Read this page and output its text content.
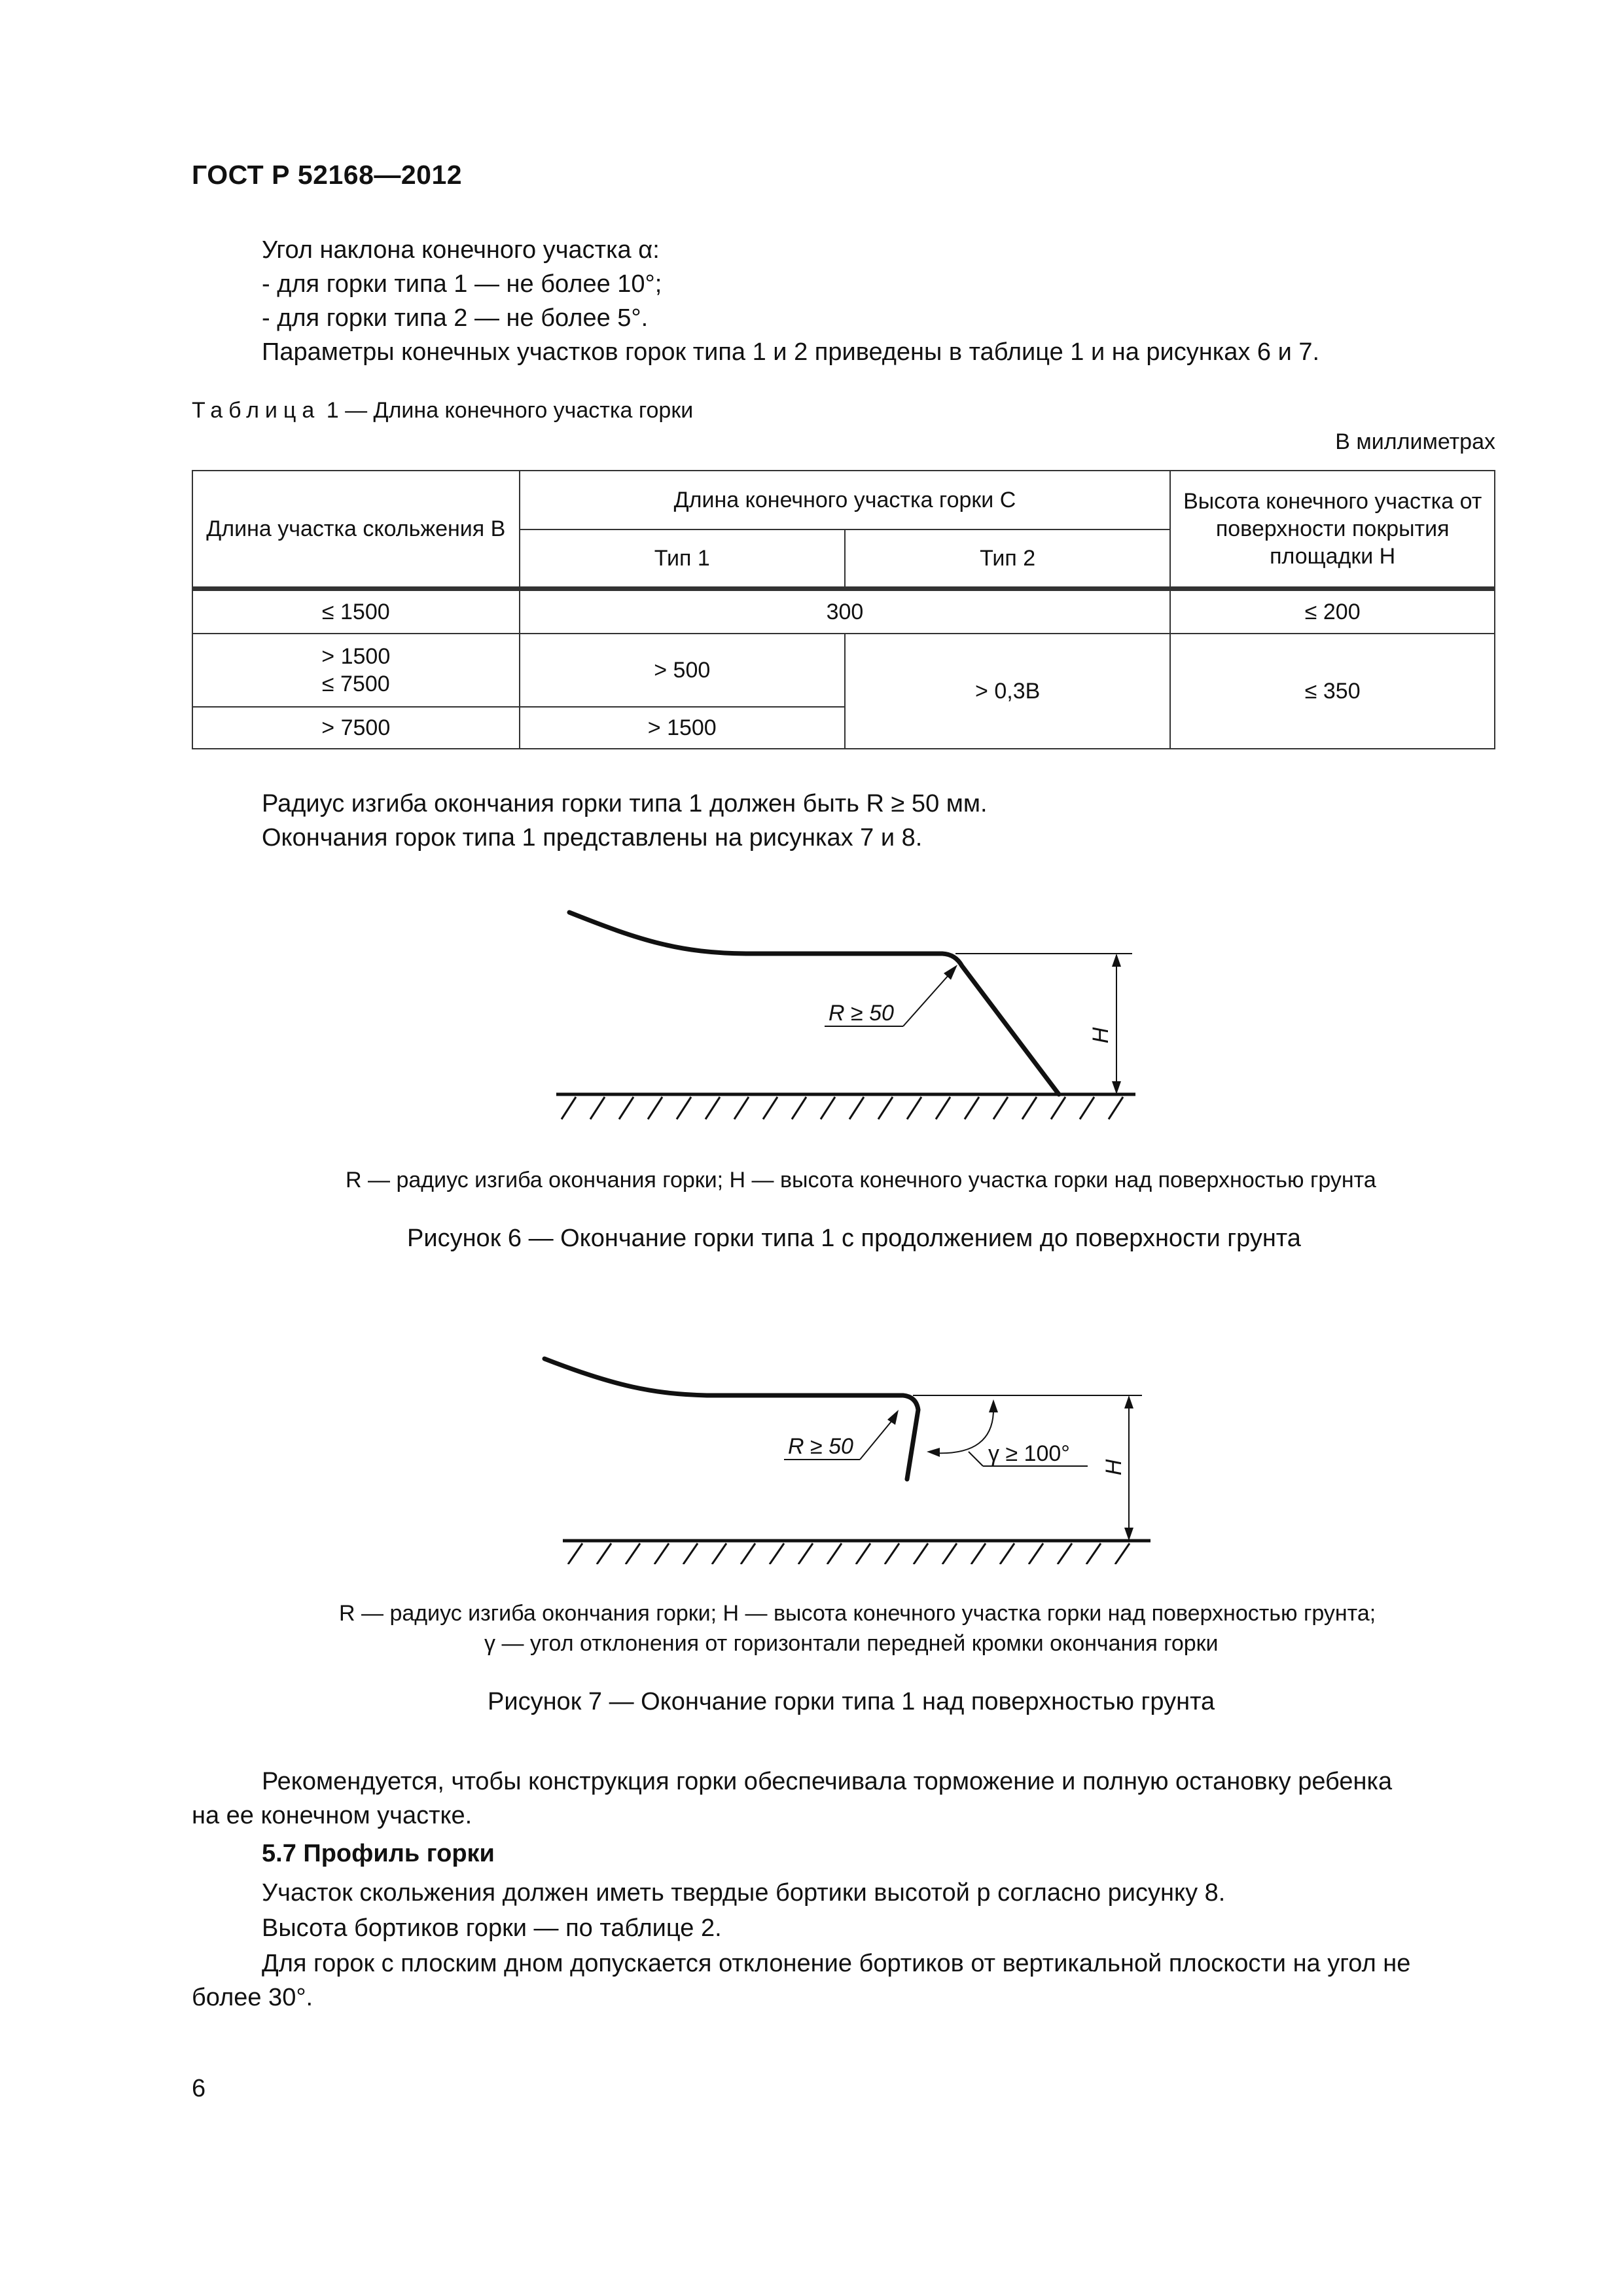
ГОСТ Р 52168—2012
Угол наклона конечного участка α:
- для горки типа 1 — не более 10°;
- для горки типа 2 — не более 5°.
Параметры конечных участков горок типа 1 и 2 приведены в таблице 1 и на рисунках 6 и 7.
Таблица 1 — Длина конечного участка горки
В миллиметрах
Длина участка скольжения B	Длина конечного участка горки C		Высота конечного участка от поверхности покрытия площадки H
	Тип 1	Тип 2	

≤ 1500	300		≤ 200

> 1500
≤ 7500	> 500	> 0,3B	≤ 350
> 7500	> 1500		
Радиус изгиба окончания горки типа 1 должен быть R ≥ 50 мм.
Окончания горок типа 1 представлены на рисунках 7 и 8.
H
R ≥ 50
R — радиус изгиба окончания горки; H — высота конечного участка горки над поверхностью грунта
Рисунок 6 — Окончание горки типа 1 с продолжением до поверхности грунта
H
γ ≥ 100°
R ≥ 50
R — радиус изгиба окончания горки; H — высота конечного участка горки над поверхностью грунта;
γ — угол отклонения от горизонтали передней кромки окончания горки
Рисунок 7 — Окончание горки типа 1 над поверхностью грунта
Рекомендуется, чтобы конструкция горки обеспечивала торможение и полную остановку ребенка
на ее конечном участке.
5.7 Профиль горки
Участок скольжения должен иметь твердые бортики высотой p согласно рисунку 8.
Высота бортиков горки — по таблице 2.
Для горок с плоским дном допускается отклонение бортиков от вертикальной плоскости на угол не
более 30°.
6
